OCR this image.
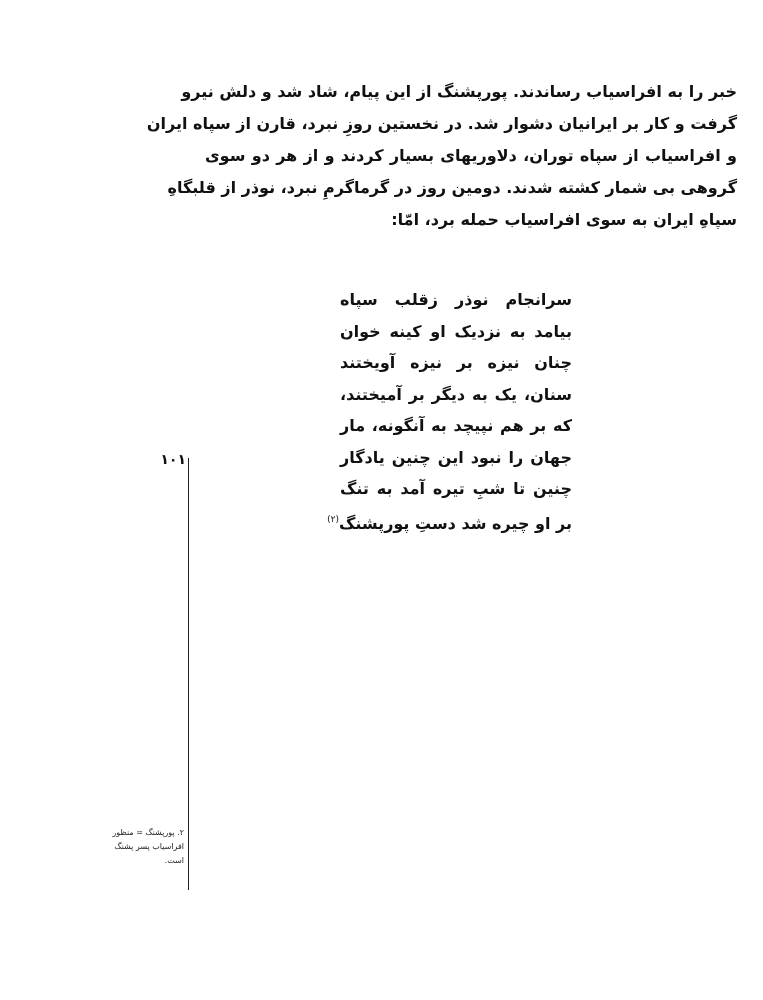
خبر را به افراسیاب رساندند. پورپشنگ از این پیام، شاد شد و دلش نیرو
گرفت و کار بر ایرانیان دشوار شد. در نخستین روزِ نبرد، قارن از سپاه ایران
و افراسیاب از سپاه توران، دلاوریهای بسیار کردند و از هر دو سوی
گروهی بی شمار کشته شدند. دومین روز در گرماگرمِ نبرد، نوذر از قلبگاهِ
سپاهِ ایران به سوی افراسیاب حمله برد، امّا:
سرانجام نوذر زقلب سپاه
بیامد به نزدیک او کینه خوان
چنان نیزه بر نیزه آویختند
سنان، یک به دیگر بر آمیختند،
که بر هم نپیچد به آنگونه، مار
جهان را نبود این چنین یادگار
چنین تا شبِ تیره آمد به تنگ
بر او چیره شد دستِ پورپشنگ$^{(۲)}$
۱۰۱
۲. پورپشنگ = منظور افراسیاب پسر پشنگ است.
